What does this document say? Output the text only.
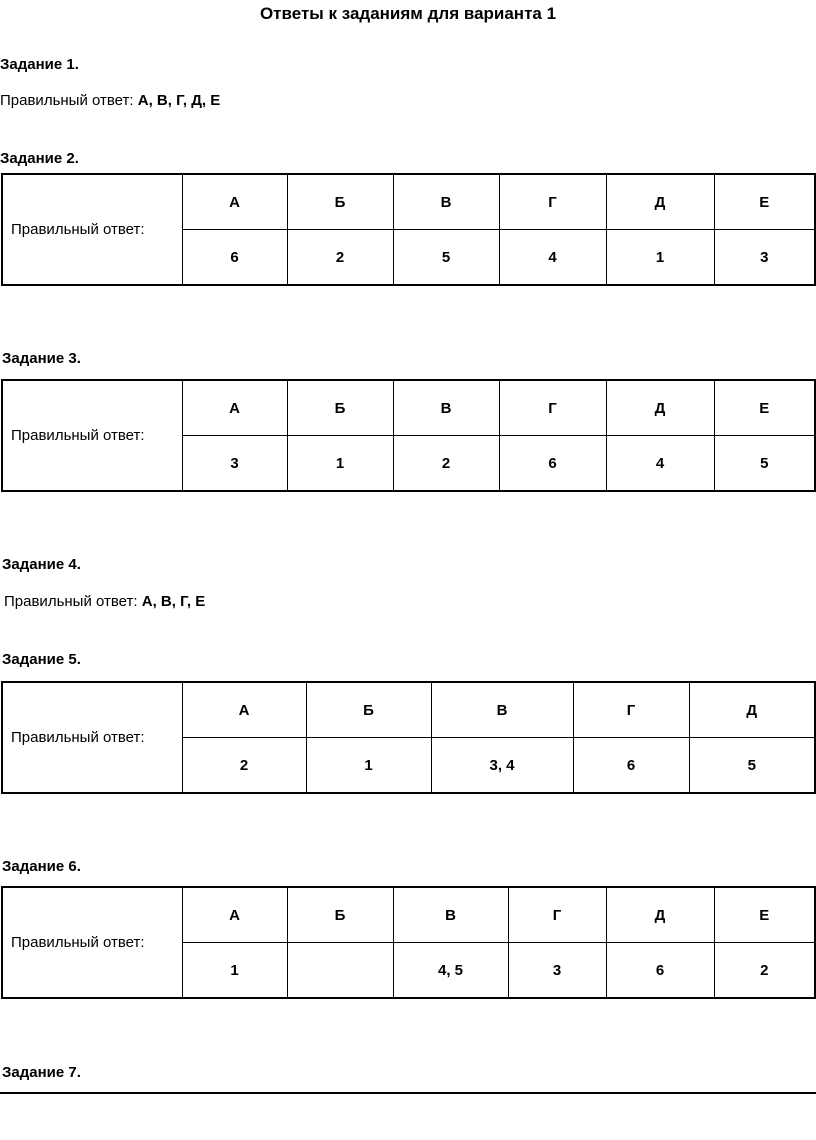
Ответы к заданиям для варианта 1
Задание 1.
Правильный ответ: А, В, Г, Д, Е
Задание 2.
Правильный ответ:	А	Б	В	Г	Д	Е
	6	2	5	4	1	3
Задание 3.
Правильный ответ:	А	Б	В	Г	Д	Е
	3	1	2	6	4	5
Задание 4.
Правильный ответ: А, В, Г, Е
Задание 5.
Правильный ответ:	А	Б	В	Г	Д
	2	1	3, 4	6	5
Задание 6.
Правильный ответ:	А	Б	В	Г	Д	Е
	1		4, 5	3	6	2
Задание 7.
